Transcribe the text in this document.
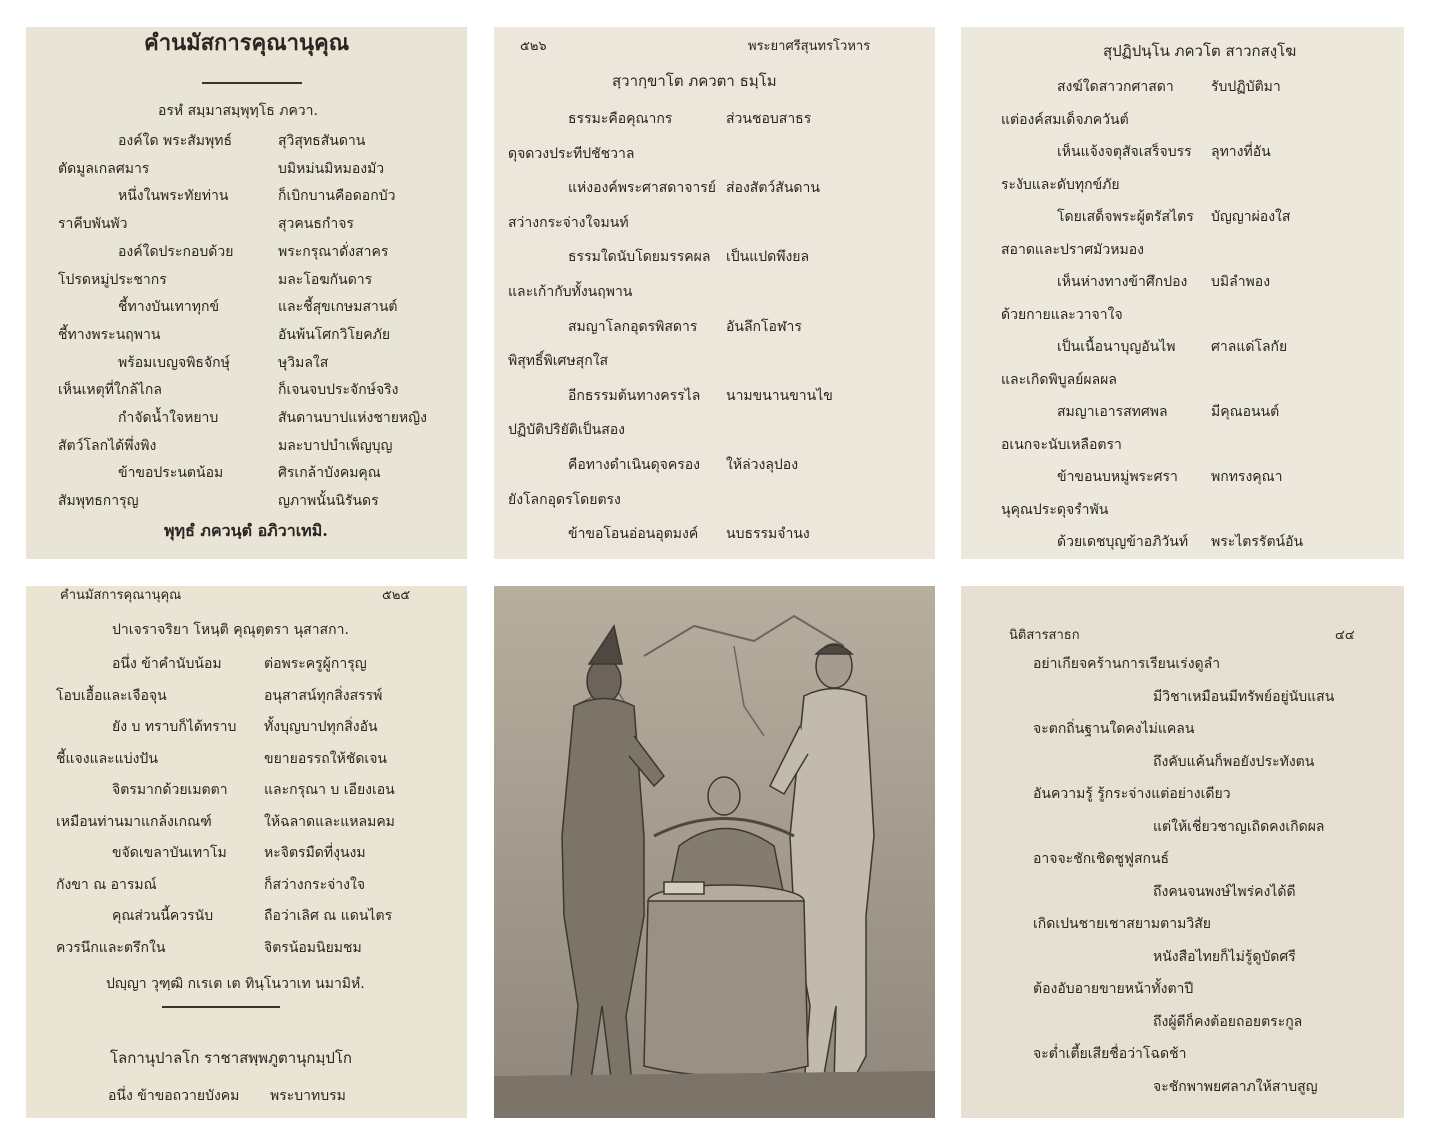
คำนมัสการคุณานุคุณ
อรหํ สมฺมาสมฺพุทฺโธ ภควา.
องค์ใด พระสัมพุทธ์	สุวิสุทธสันดาน
ตัดมูลเกลศมาร	บมิหม่นมิหมองมัว
หนึ่งในพระทัยท่าน	ก็เบิกบานคือดอกบัว
ราคีบพันพัว	สุวคนธกำจร
องค์ใดประกอบด้วย	พระกรุณาดั่งสาคร
โปรดหมู่ประชากร	มละโอฆกันดาร
ชี้ทางบันเทาทุกข์	และชี้สุขเกษมสานต์
ชี้ทางพระนฤพาน	อันพ้นโศกวิโยคภัย
พร้อมเบญจพิธจักษุ์	ษุวิมลใส
เห็นเหตุที่ใกล้ไกล	ก็เจนจบประจักษ์จริง
กำจัดน้ำใจหยาบ	สันดานบาปแห่งชายหญิง
สัตว์โลกได้พึ่งพิง	มละบาปบำเพ็ญบุญ
ข้าขอประนตน้อม	ศิรเกล้าบังคมคุณ
สัมพุทธการุญ	ญภาพนั้นนิรันดร
พุทฺธํ ภควนฺตํ อภิวาเทมิ.
๕๒๖	พระยาศรีสุนทรโวหาร
สฺวากฺขาโต ภควตา ธมฺโม
ธรรมะคือคุณากร	ส่วนชอบสาธร
ดุจดวงประทีปชัชวาล
แห่งองค์พระศาสดาจารย์ ส่องสัตว์สันดาน
สว่างกระจ่างใจมนท์
ธรรมใดนับโดยมรรคผล เป็นแปดพึงยล
และเก้ากับทั้งนฤพาน
สมญาโลกอุดรพิสดาร อันลึกโอฬาร
พิสุทธิ์พิเศษสุกใส
อีกธรรมต้นทางครรไล นามขนานขานไข
ปฏิบัติปริยัติเป็นสอง
คือทางดำเนินดุจครอง ให้ล่วงลุปอง
ยังโลกอุดรโดยตรง
ข้าขอโอนอ่อนอุตมงค์ นบธรรมจำนง
สุปฏิปนฺโน ภควโต สาวกสงฺโฆ
สงฆ์ใดสาวกศาสดา	รับปฏิบัติมา
แต่องค์สมเด็จภควันต์
เห็นแจ้งจตุสัจเสร็จบรร ลุทางที่อัน
ระงับและดับทุกข์ภัย
โดยเสด็จพระผู้ตรัสไตร บัญญาผ่องใส
สอาดและปราศมัวหมอง
เห็นห่างทางข้าศึกปอง บมิลำพอง
ด้วยกายและวาจาใจ
เป็นเนื้อนาบุญอันไพ	ศาลแด่โลกัย
และเกิดพิบูลย์ผลผล
สมญาเอารสทศพล	มีคุณอนนต์
อเนกจะนับเหลือตรา
ข้าขอนบหมู่พระศรา พกทรงคุณา
นุคุณประดุจรำพัน
ด้วยเดชบุญข้าอภิวันท์ พระไตรรัตน์อัน
คำนมัสการคุณานุคุณ	๕๒๕
ปาเจราจริยา โหนฺติ คุณุตฺตรา นุสาสกา.
อนึ่ง ข้าคำนับน้อม	ต่อพระครูผู้การุญ
โอบเอื้อและเจือจุน	อนุสาสน์ทุกสิ่งสรรพ์
ยัง บ ทราบก็ได้ทราบ ทั้งบุญบาปทุกสิ่งอัน
ชี้แจงและแบ่งปัน	ขยายอรรถให้ชัดเจน
จิตรมากด้วยเมตตา	และกรุณา บ เอียงเอน
เหมือนท่านมาแกล้งเกณฑ์	ให้ฉลาดและแหลมคม
ขจัดเขลาบันเทาโม	หะจิตรมืดที่งุนงม
กังขา ณ อารมณ์	ก็สว่างกระจ่างใจ
คุณส่วนนี้ควรนับ	ถือว่าเลิศ ณ แดนไตร
ควรนึกและตรึกใน	จิตรน้อมนิยมชม
ปญฺญา วุฑฺฒิ กเรเต เต ทินฺโนวาเท นมามิหํ.
โลกานุปาลโก ราชาสพฺพภูตานุกมฺปโก
อนึ่ง ข้าขอถวายบังคม พระบาทบรม
นิติสารสาธก	๔๔
อย่าเกียจคร้านการเรียนเร่งดูลำ
มีวิชาเหมือนมีทรัพย์อยู่นับแสน
จะตกถิ่นฐานใดคงไม่แคลน
ถึงคับแค้นก็พอยังประทังตน
อันความรู้ รู้กระจ่างแต่อย่างเดียว
แต่ให้เชี่ยวชาญเถิดคงเกิดผล
อาจจะชักเชิดชูฟูสกนธ์
ถึงคนจนพงษ์ไพร่คงได้ดี
เกิดเปนชายเชาสยามตามวิสัย
หนังสือไทยก็ไม่รู้ดูบัดศรี
ต้องอับอายขายหน้าทั้งตาปี
ถึงผู้ดีก็คงต้อยถอยตระกูล
จะต่ำเตี้ยเสียชื่อว่าโฉดช้า
จะชักพาพยศลาภให้สาบสูญ
